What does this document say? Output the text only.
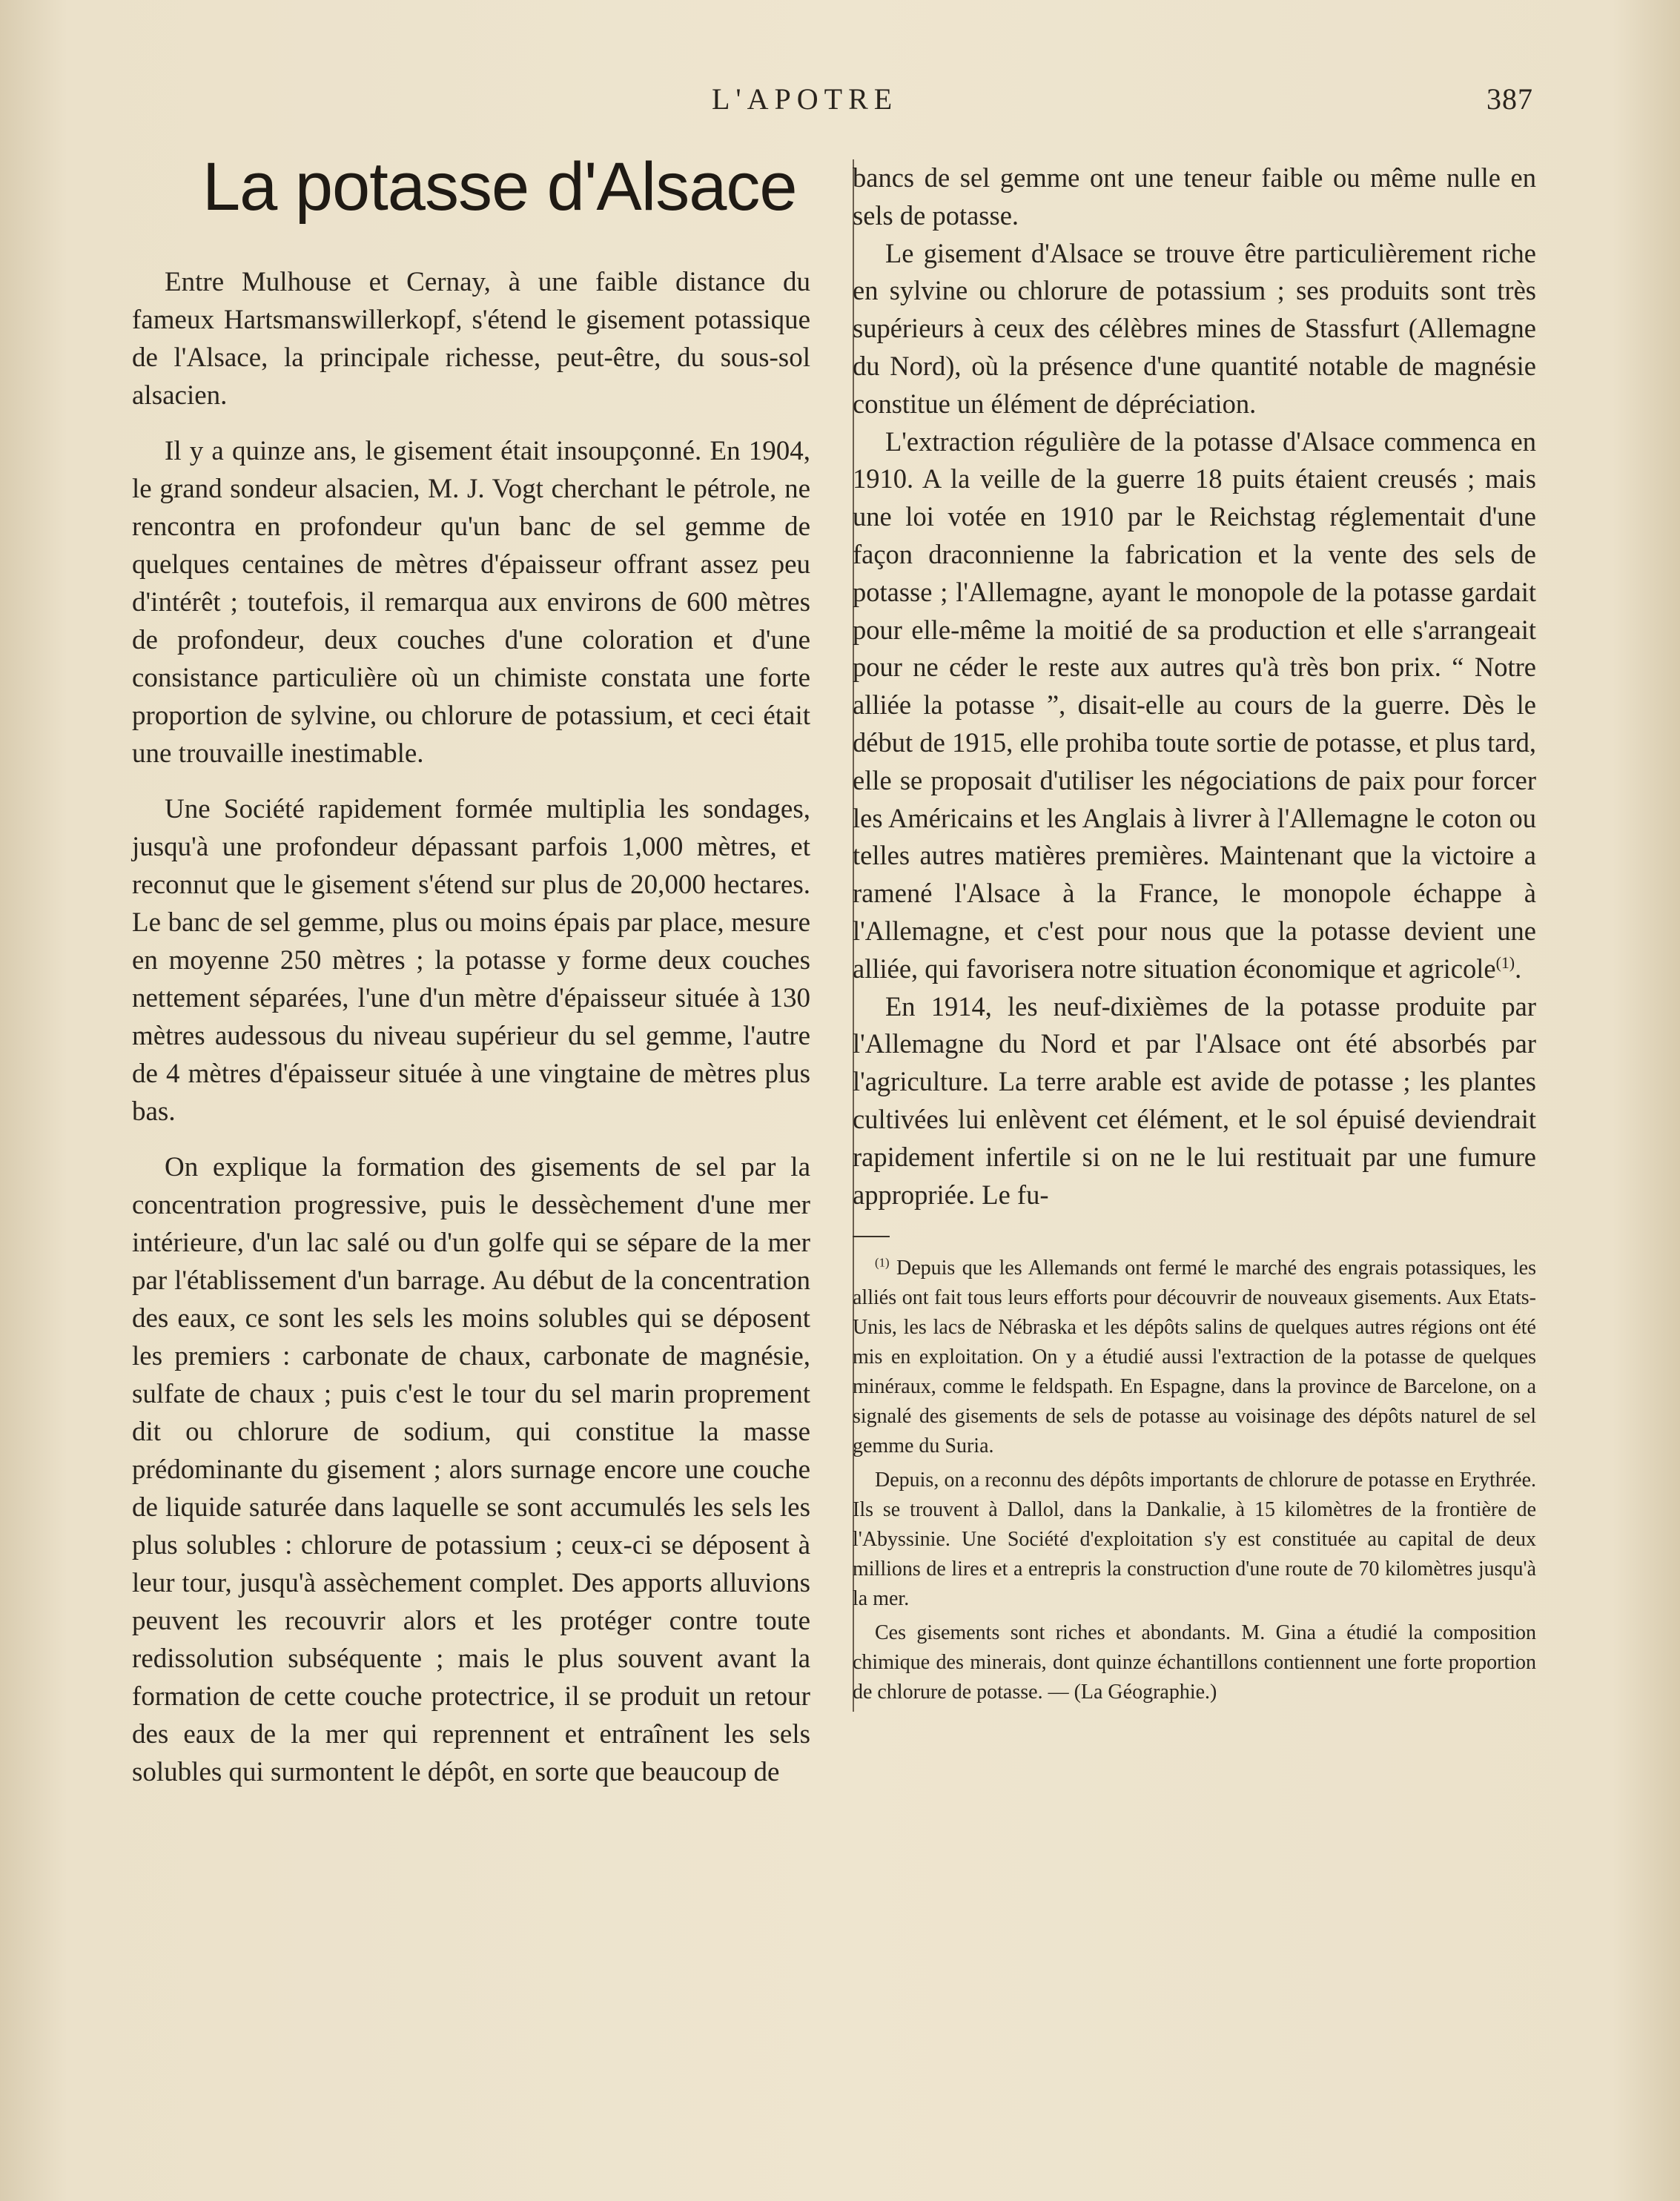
L'APOTRE	387
La potasse d'Alsace

Entre Mulhouse et Cernay, à une faible distance du fameux Hartsmanswillerkopf, s'étend le gisement potassique de l'Alsace, la principale richesse, peut-être, du sous-sol alsacien.

Il y a quinze ans, le gisement était insoupçonné. En 1904, le grand sondeur alsacien, M. J. Vogt cherchant le pétrole, ne rencontra en profondeur qu'un banc de sel gemme de quelques centaines de mètres d'épaisseur offrant assez peu d'intérêt ; toutefois, il remarqua aux environs de 600 mètres de profondeur, deux couches d'une coloration et d'une consistance particulière où un chimiste constata une forte proportion de sylvine, ou chlorure de potassium, et ceci était une trouvaille inestimable.

Une Société rapidement formée multiplia les sondages, jusqu'à une profondeur dépassant parfois 1,000 mètres, et reconnut que le gisement s'étend sur plus de 20,000 hectares. Le banc de sel gemme, plus ou moins épais par place, mesure en moyenne 250 mètres ; la potasse y forme deux couches nettement séparées, l'une d'un mètre d'épaisseur située à 130 mètres audessous du niveau supérieur du sel gemme, l'autre de 4 mètres d'épaisseur située à une vingtaine de mètres plus bas.

On explique la formation des gisements de sel par la concentration progressive, puis le dessèchement d'une mer intérieure, d'un lac salé ou d'un golfe qui se sépare de la mer par l'établissement d'un barrage. Au début de la concentration des eaux, ce sont les sels les moins solubles qui se déposent les premiers : carbonate de chaux, carbonate de magnésie, sulfate de chaux ; puis c'est le tour du sel marin proprement dit ou chlorure de sodium, qui constitue la masse prédominante du gisement ; alors surnage encore une couche de liquide saturée dans laquelle se sont accumulés les sels les plus solubles : chlorure de potassium ; ceux-ci se déposent à leur tour, jusqu'à assèchement complet. Des apports alluvions peuvent les recouvrir alors et les protéger contre toute redissolution subséquente ; mais le plus souvent avant la formation de cette couche protectrice, il se produit un retour des eaux de la mer qui reprennent et entraînent les sels solubles qui surmontent le dépôt, en sorte que beaucoup de

bancs de sel gemme ont une teneur faible ou même nulle en sels de potasse.

Le gisement d'Alsace se trouve être particulièrement riche en sylvine ou chlorure de potassium ; ses produits sont très supérieurs à ceux des célèbres mines de Stassfurt (Allemagne du Nord), où la présence d'une quantité notable de magnésie constitue un élément de dépréciation.

L'extraction régulière de la potasse d'Alsace commenca en 1910. A la veille de la guerre 18 puits étaient creusés ; mais une loi votée en 1910 par le Reichstag réglementait d'une façon draconnienne la fabrication et la vente des sels de potasse ; l'Allemagne, ayant le monopole de la potasse gardait pour elle-même la moitié de sa production et elle s'arrangeait pour ne céder le reste aux autres qu'à très bon prix. “ Notre alliée la potasse ”, disait-elle au cours de la guerre. Dès le début de 1915, elle prohiba toute sortie de potasse, et plus tard, elle se proposait d'utiliser les négociations de paix pour forcer les Américains et les Anglais à livrer à l'Allemagne le coton ou telles autres matières premières. Maintenant que la victoire a ramené l'Alsace à la France, le monopole échappe à l'Allemagne, et c'est pour nous que la potasse devient une alliée, qui favorisera notre situation économique et agricole$^{(1)}$.

En 1914, les neuf-dixièmes de la potasse produite par l'Allemagne du Nord et par l'Alsace ont été absorbés par l'agriculture. La terre arable est avide de potasse ; les plantes cultivées lui enlèvent cet élément, et le sol épuisé deviendrait rapidement infertile si on ne le lui restituait par une fumure appropriée. Le fu-

$^{(1)}$ Depuis que les Allemands ont fermé le marché des engrais potassiques, les alliés ont fait tous leurs efforts pour découvrir de nouveaux gisements. Aux Etats-Unis, les lacs de Nébraska et les dépôts salins de quelques autres régions ont été mis en exploitation. On y a étudié aussi l'extraction de la potasse de quelques minéraux, comme le feldspath. En Espagne, dans la province de Barcelone, on a signalé des gisements de sels de potasse au voisinage des dépôts naturel de sel gemme du Suria.

Depuis, on a reconnu des dépôts importants de chlorure de potasse en Erythrée. Ils se trouvent à Dallol, dans la Dankalie, à 15 kilomètres de la frontière de l'Abyssinie. Une Société d'exploitation s'y est constituée au capital de deux millions de lires et a entrepris la construction d'une route de 70 kilomètres jusqu'à la mer.

Ces gisements sont riches et abondants. M. Gina a étudié la composition chimique des minerais, dont quinze échantillons contiennent une forte proportion de chlorure de potasse. — (La Géographie.)
